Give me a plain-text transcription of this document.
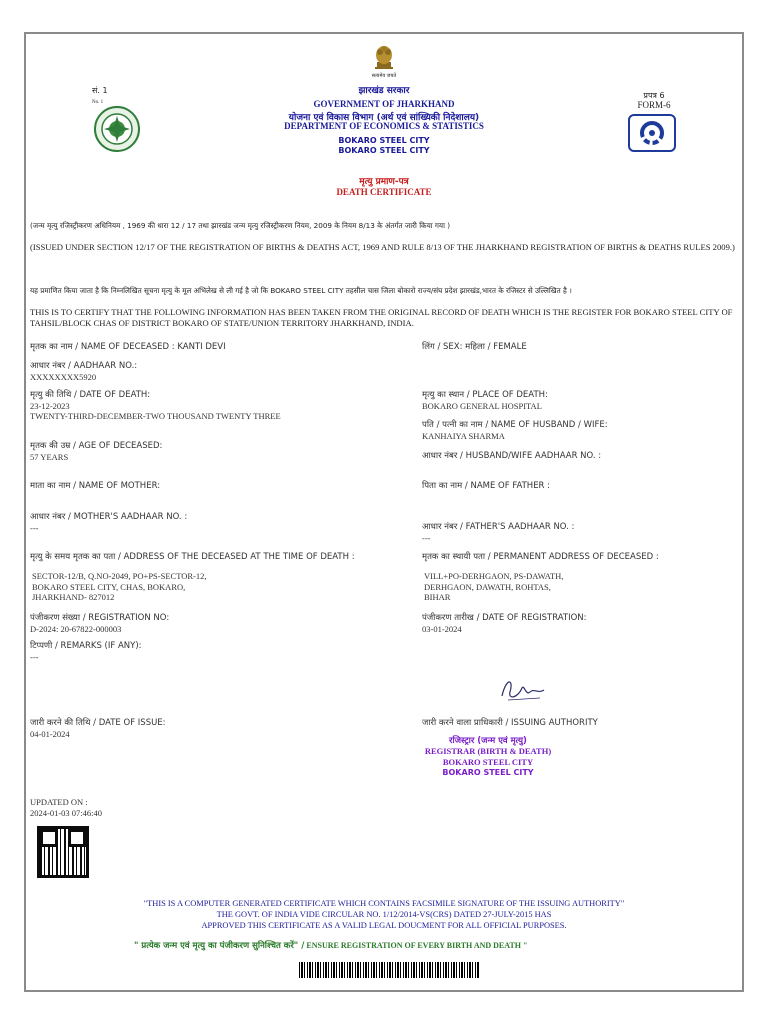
सं. 1
No. 1
सत्यमेव जयते
झारखंड सरकार
GOVERNMENT OF JHARKHAND
योजना एवं विकास विभाग (अर्थ एवं सांख्यिकी निदेशालय)
DEPARTMENT OF ECONOMICS & STATISTICS
BOKARO STEEL CITY
BOKARO STEEL CITY
प्रपत्र 6
FORM-6
मृत्यु प्रमाण-पत्र
DEATH CERTIFICATE
(जन्म मृत्यु रजिस्ट्रीकरण अधिनियम , 1969 की धारा 12 / 17 तथा झारखंड जन्म मृत्यु रजिस्ट्रीकरण नियम, 2009 के नियम 8/13 के अंतर्गत जारी किया गया )
(ISSUED UNDER SECTION 12/17 OF THE REGISTRATION OF BIRTHS & DEATHS ACT, 1969 AND RULE 8/13 OF THE JHARKHAND REGISTRATION OF BIRTHS & DEATHS RULES 2009.)
यह प्रमाणित किया जाता है कि निम्नलिखित सूचना मृत्यु के मूल अभिलेख से ली गई है जो कि BOKARO STEEL CITY तहसील चास जिला बोकारो राज्य/संघ प्रदेश झारखंड,भारत के रजिस्टर से उल्लिखित है ।
THIS IS TO CERTIFY THAT THE FOLLOWING INFORMATION HAS BEEN TAKEN FROM THE ORIGINAL RECORD OF DEATH WHICH IS THE REGISTER FOR BOKARO STEEL CITY OF TAHSIL/BLOCK CHAS OF DISTRICT BOKARO OF STATE/UNION TERRITORY JHARKHAND, INDIA.
मृतक का नाम / NAME OF DECEASED : KANTI DEVI	लिंग / SEX: महिला / FEMALE
आधार नंबर / AADHAAR NO.:
XXXXXXXX5920
मृत्यु की तिथि / DATE OF DEATH:
23-12-2023
TWENTY-THIRD-DECEMBER-TWO THOUSAND TWENTY THREE
मृत्यु का स्थान / PLACE OF DEATH:
BOKARO GENERAL HOSPITAL
पति / पत्नी का नाम / NAME OF HUSBAND / WIFE:
KANHAIYA SHARMA
मृतक की उम्र / AGE OF DECEASED:
57 YEARS	आधार नंबर / HUSBAND/WIFE AADHAAR NO. :
माता का नाम / NAME OF MOTHER:	पिता का नाम / NAME OF FATHER :
आधार नंबर / MOTHER'S AADHAAR NO. :
---	आधार नंबर / FATHER'S AADHAAR NO. :
---
मृत्यु के समय मृतक का पता / ADDRESS OF THE DECEASED AT THE TIME OF DEATH :	मृतक का स्थायी पता / PERMANENT ADDRESS OF DECEASED :
SECTOR-12/B, Q.NO-2049, PO+PS-SECTOR-12,
BOKARO STEEL CITY, CHAS, BOKARO,
JHARKHAND- 827012
VILL+PO-DERHGAON, PS-DAWATH,
DERHGAON, DAWATH, ROHTAS,
BIHAR
पंजीकरण संख्या / REGISTRATION NO:
D-2024: 20-67822-000003
पंजीकरण तारीख / DATE OF REGISTRATION:
03-01-2024
टिप्पणी / REMARKS (IF ANY):
---
जारी करने की तिथि / DATE OF ISSUE:
04-01-2024
जारी करने वाला प्राधिकारी / ISSUING AUTHORITY
रजिस्ट्रार (जन्म एवं मृत्यु)
REGISTRAR (BIRTH & DEATH)
BOKARO STEEL CITY
BOKARO STEEL CITY
UPDATED ON :
2024-01-03 07:46:40
"THIS IS A COMPUTER GENERATED CERTIFICATE WHICH CONTAINS FACSIMILE SIGNATURE OF THE ISSUING AUTHORITY"
THE GOVT. OF INDIA VIDE CIRCULAR NO. 1/12/2014-VS(CRS) DATED 27-JULY-2015 HAS
APPROVED THIS CERTIFICATE AS A VALID LEGAL DOUCMENT FOR ALL OFFICIAL PURPOSES.
" प्रत्येक जन्म एवं मृत्यु का पंजीकरण सुनिश्चित करें" / ENSURE REGISTRATION OF EVERY BIRTH AND DEATH "
